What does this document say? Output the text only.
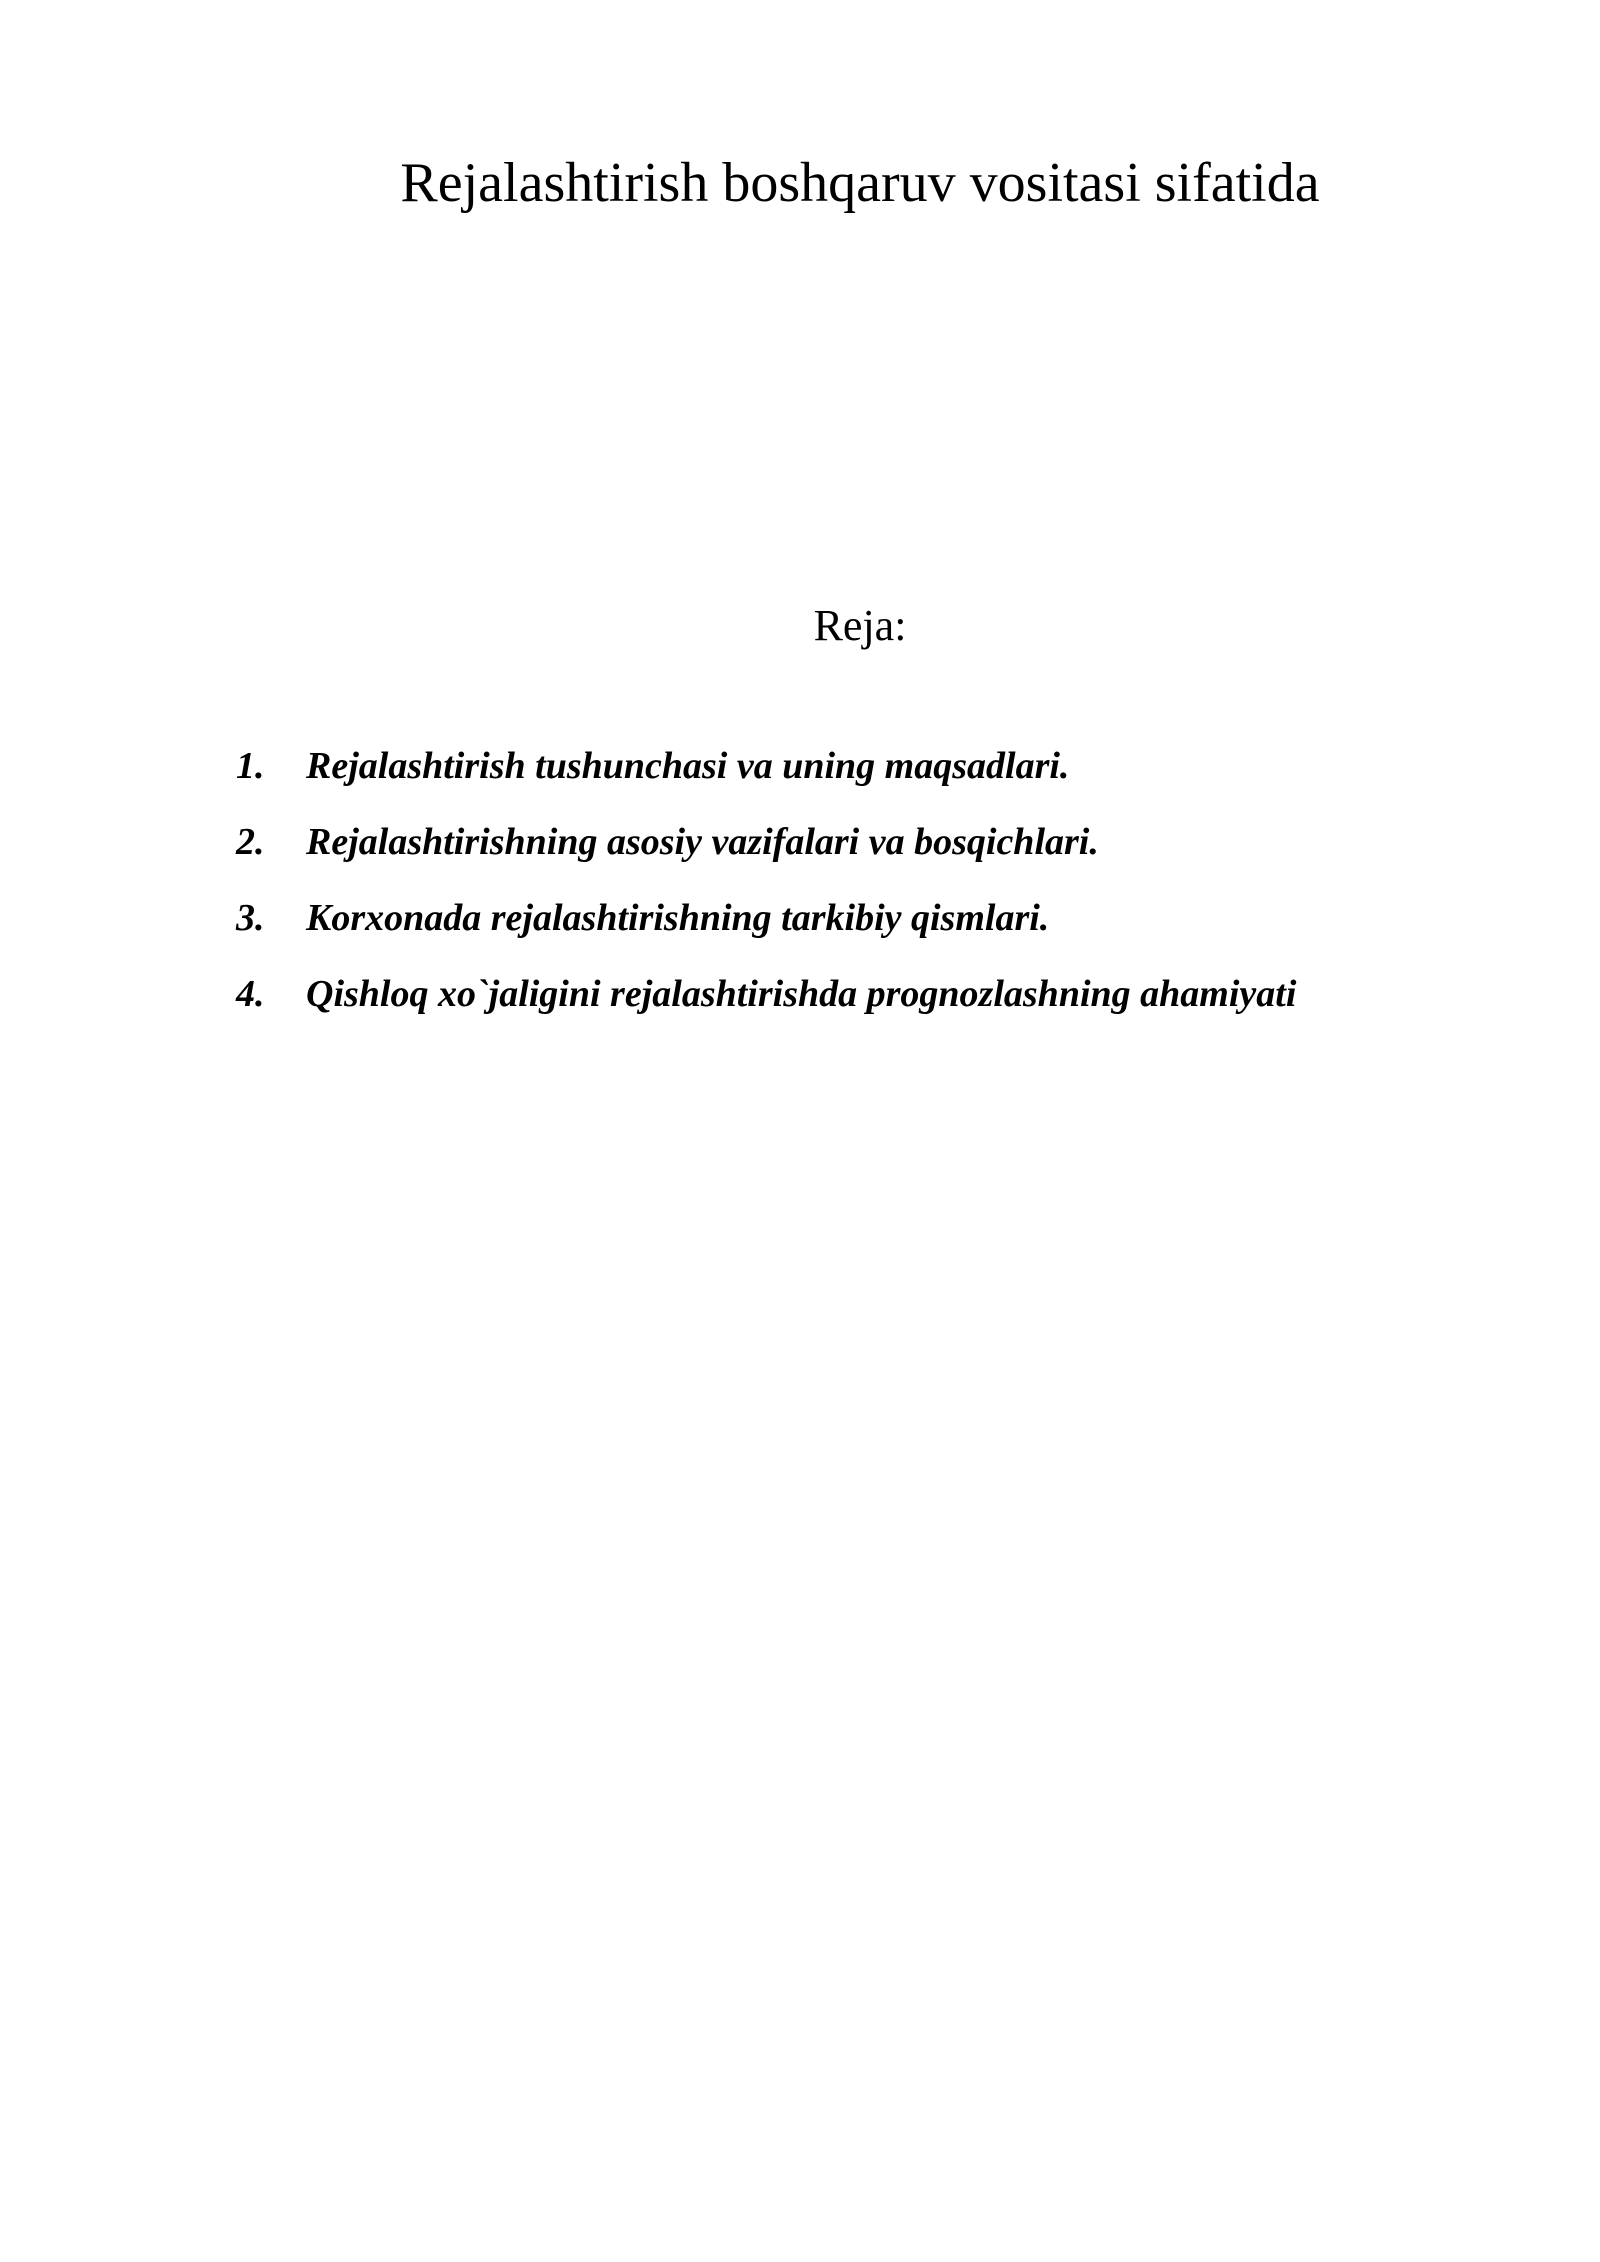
Rejalashtirish boshqaruv vositasi sifatida
Reja:
1.	Rejalashtirish tushunchasi va uning maqsadlari.
2.	Rejalashtirishning asosiy vazifalari va bosqichlari.
3.	Korxonada rejalashtirishning tarkibiy qismlari.
4.	Qishloq xo`jaligini rejalashtirishda prognozlashning ahamiyati
